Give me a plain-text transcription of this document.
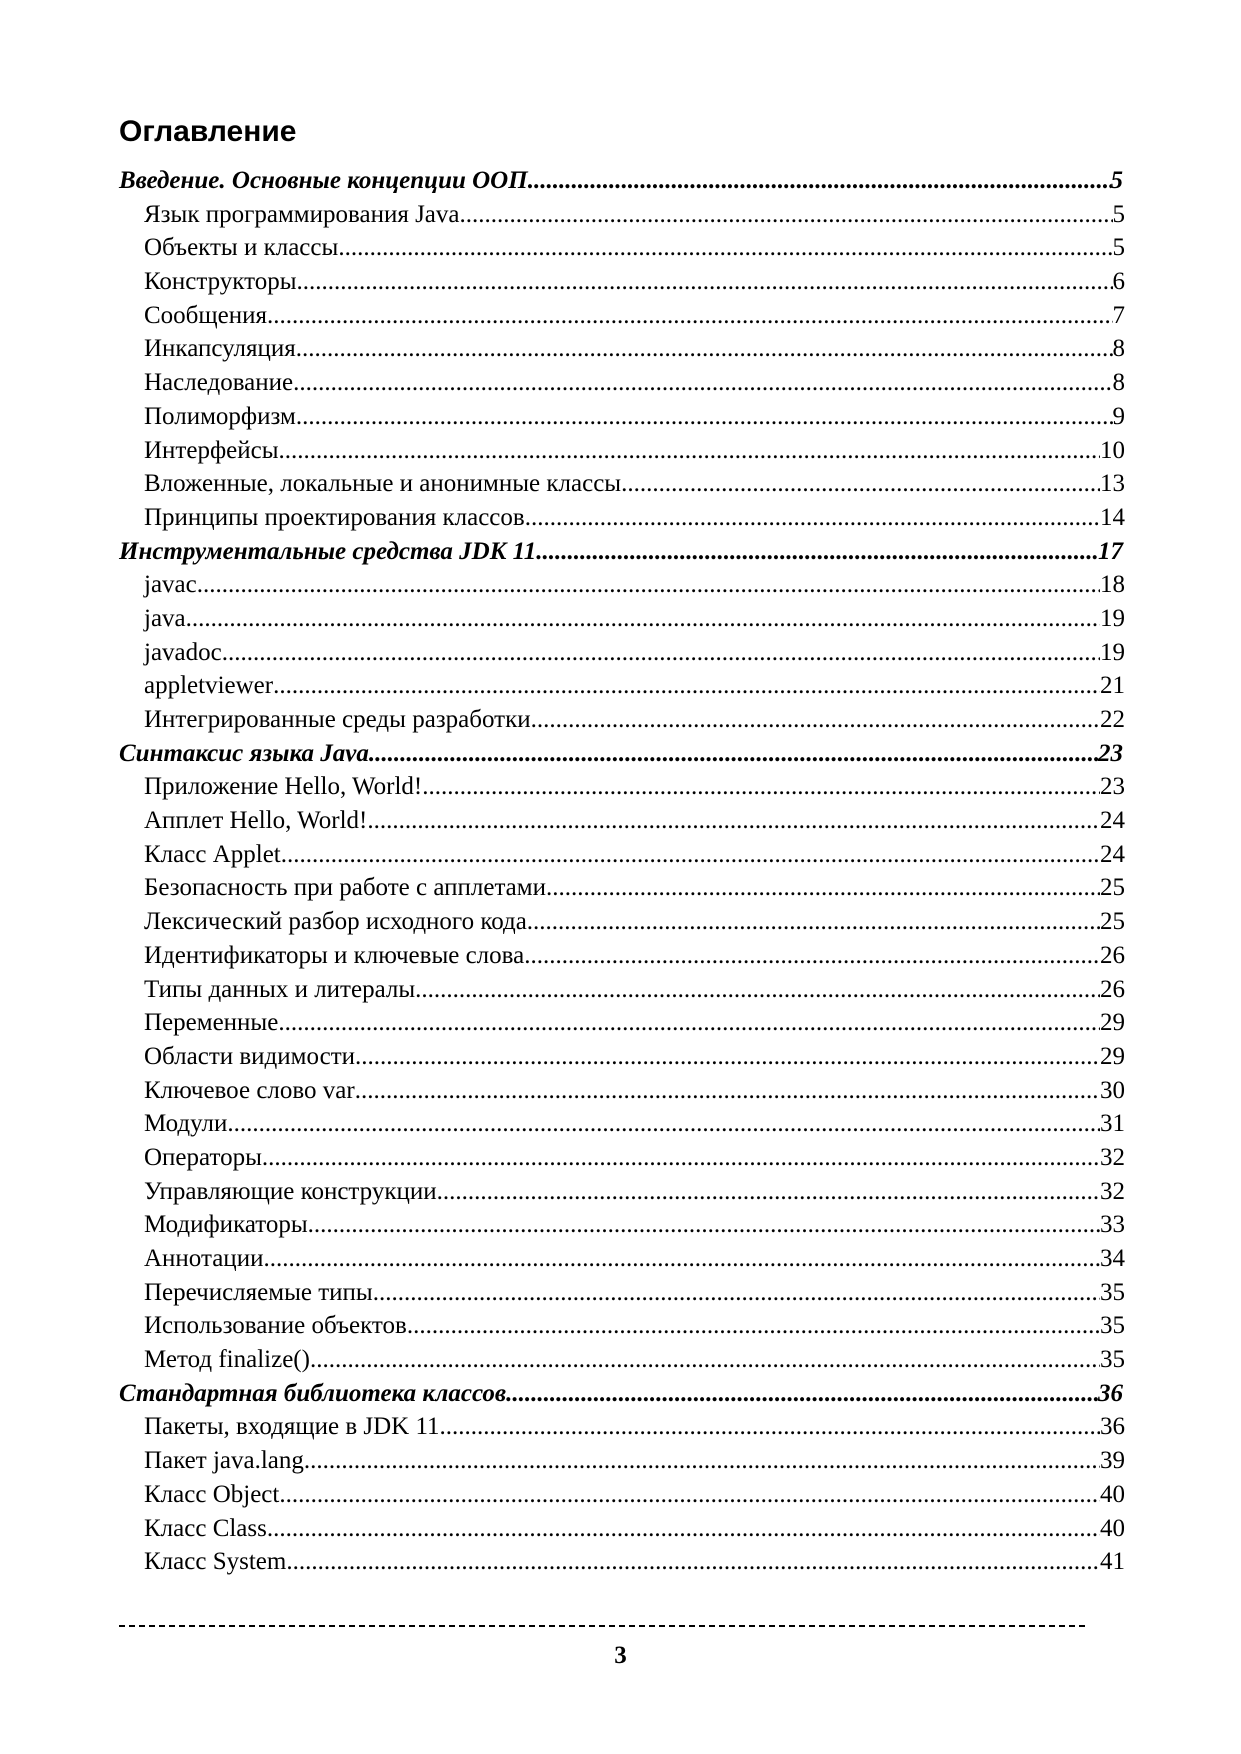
Оглавление
Введение. Основные концепции ООП .....	5
Язык программирования Java .....	5
Объекты и классы .....	5
Конструкторы .....	6
Сообщения .....	7
Инкапсуляция .....	8
Наследование .....	8
Полиморфизм .....	9
Интерфейсы .....	10
Вложенные, локальные и анонимные классы .....	13
Принципы проектирования классов .....	14
Инструментальные средства JDK 11 .....	17
javac .....	18
java .....	19
javadoc .....	19
appletviewer .....	21
Интегрированные среды разработки .....	22
Синтаксис языка Java .....	23
Приложение Hello, World! .....	23
Апплет Hello, World! .....	24
Класс Applet .....	24
Безопасность при работе с апплетами .....	25
Лексический разбор исходного кода .....	25
Идентификаторы и ключевые слова .....	26
Типы данных и литералы .....	26
Переменные .....	29
Области видимости .....	29
Ключевое слово var .....	30
Модули .....	31
Операторы .....	32
Управляющие конструкции .....	32
Модификаторы .....	33
Аннотации .....	34
Перечисляемые типы .....	35
Использование объектов .....	35
Метод finalize() .....	35
Стандартная библиотека классов .....	36
Пакеты, входящие в JDK 11 .....	36
Пакет java.lang .....	39
Класс Object .....	40
Класс Class .....	40
Класс System .....	41
3
